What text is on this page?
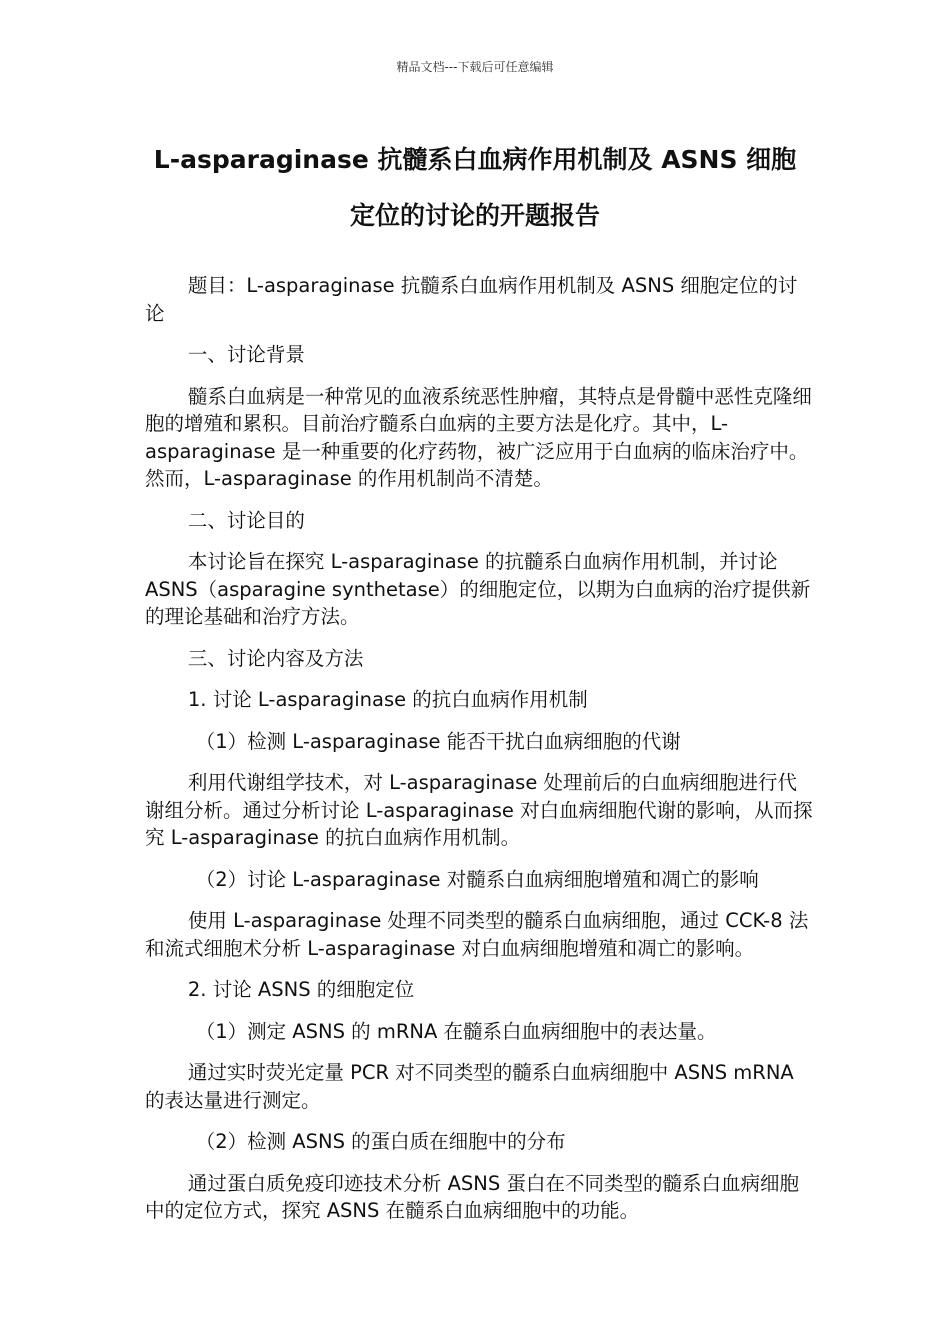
精品文档---下载后可任意编辑
L-asparaginase 抗髓系白血病作用机制及 ASNS 细胞定位的讨论的开题报告

题目：L-asparaginase 抗髓系白血病作用机制及 ASNS 细胞定位的讨论

一、讨论背景

髓系白血病是一种常见的血液系统恶性肿瘤，其特点是骨髓中恶性克隆细胞的增殖和累积。目前治疗髓系白血病的主要方法是化疗。其中，L-asparaginase 是一种重要的化疗药物，被广泛应用于白血病的临床治疗中。然而，L-asparaginase 的作用机制尚不清楚。

二、讨论目的

本讨论旨在探究 L-asparaginase 的抗髓系白血病作用机制，并讨论 ASNS（asparagine synthetase）的细胞定位，以期为白血病的治疗提供新的理论基础和治疗方法。

三、讨论内容及方法

1. 讨论 L-asparaginase 的抗白血病作用机制

（1）检测 L-asparaginase 能否干扰白血病细胞的代谢

利用代谢组学技术，对 L-asparaginase 处理前后的白血病细胞进行代谢组分析。通过分析讨论 L-asparaginase 对白血病细胞代谢的影响，从而探究 L-asparaginase 的抗白血病作用机制。

（2）讨论 L-asparaginase 对髓系白血病细胞增殖和凋亡的影响

使用 L-asparaginase 处理不同类型的髓系白血病细胞，通过 CCK-8 法和流式细胞术分析 L-asparaginase 对白血病细胞增殖和凋亡的影响。

2. 讨论 ASNS 的细胞定位

（1）测定 ASNS 的 mRNA 在髓系白血病细胞中的表达量。

通过实时荧光定量 PCR 对不同类型的髓系白血病细胞中 ASNS mRNA 的表达量进行测定。

（2）检测 ASNS 的蛋白质在细胞中的分布

通过蛋白质免疫印迹技术分析 ASNS 蛋白在不同类型的髓系白血病细胞中的定位方式，探究 ASNS 在髓系白血病细胞中的功能。
